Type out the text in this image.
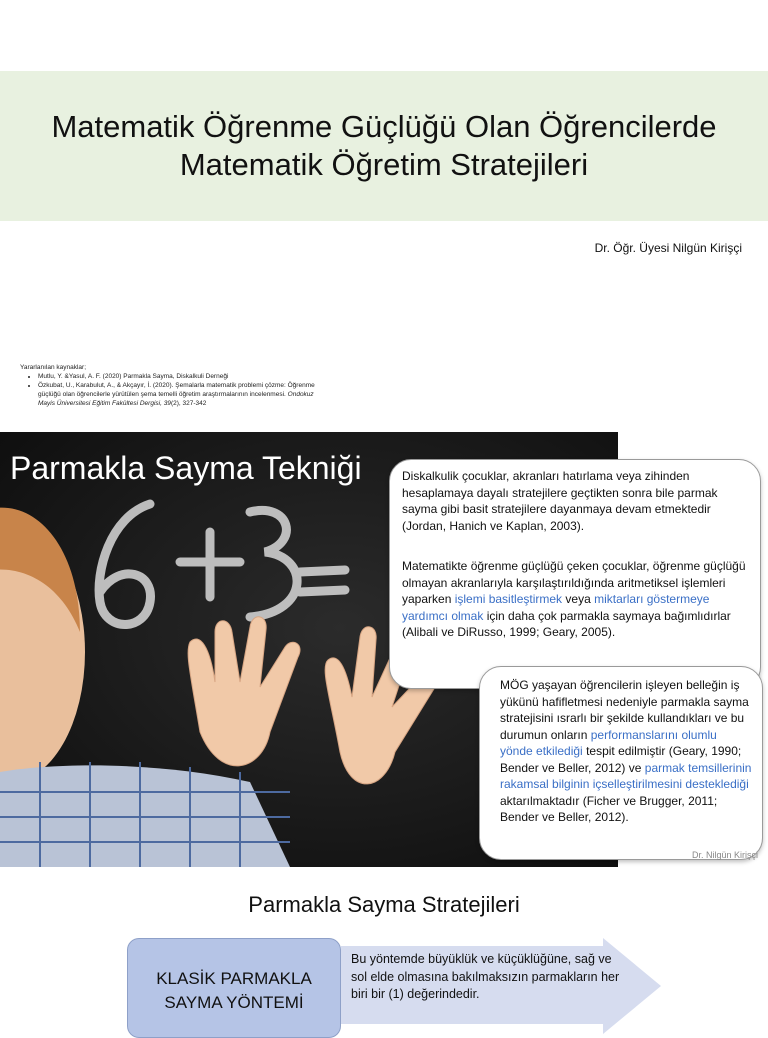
Matematik Öğrenme Güçlüğü Olan Öğrencilerde
Matematik Öğretim Stratejileri
Dr. Öğr. Üyesi Nilgün Kirişçi
Yararlanılan kaynaklar;
• Mutlu, Y. &Yasul, A. F. (2020) Parmakla Sayma, Diskalkuli Derneği
• Özkubat, U., Karabulut, A., & Akçayır, İ. (2020). Şemalarla matematik problemi çözme: Öğrenme güçlüğü olan öğrencilerle yürütülen şema temelli öğretim araştırmalarının incelenmesi. Ondokuz Mayis Üniversitesi Eğitim Fakültesi Dergisi, 39(2), 327-342
6+3=
Parmakla Sayma Tekniği	Diskalkulik çocuklar, akranları hatırlama veya zihinden hesaplamaya dayalı stratejilere geçtikten sonra bile parmak sayma gibi basit stratejilere dayanmaya devam etmektedir (Jordan, Hanich ve Kaplan, 2003).

Matematikte öğrenme güçlüğü çeken çocuklar, öğrenme güçlüğü olmayan akranlarıyla karşılaştırıldığında aritmetiksel işlemleri yaparken işlemi basitleştirmek veya miktarları göstermeye yardımcı olmak için daha çok parmakla saymaya bağımlıdırlar (Alibali ve DiRusso, 1999; Geary, 2005).

MÖG yaşayan öğrencilerin işleyen belleğin iş yükünü hafifletmesi nedeniyle parmakla sayma stratejisini ısrarlı bir şekilde kullandıkları ve bu durumun onların performanslarını olumlu yönde etkilediği tespit edilmiştir (Geary, 1990; Bender ve Beller, 2012) ve parmak temsillerinin rakamsal bilginin içselleştirilmesini desteklediği aktarılmaktadır (Ficher ve Brugger, 2011; Bender ve Beller, 2012).

Dr. Nilgün Kirişçi
Parmakla Sayma Stratejileri
KLASİK PARMAKLA
SAYMA YÖNTEMİ
Bu yöntemde büyüklük ve küçüklüğüne, sağ ve sol elde olmasına bakılmaksızın parmakların her biri bir (1) değerindedir.
